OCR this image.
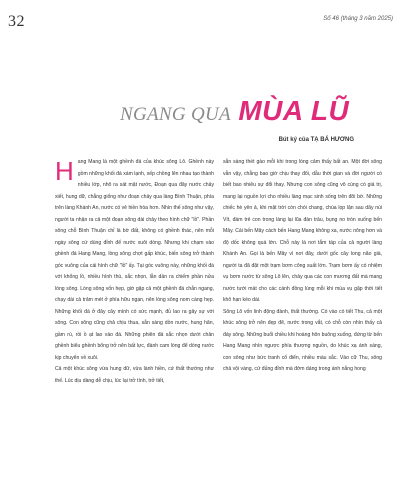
32	Số 46 (tháng 3 năm 2025)
NGANG QUA MÙA LŨ
Bút ký của TẠ BÁ HƯƠNG

Hang Mang là một ghềnh đá của khúc sông Lô. Ghềnh này gồm những khối đá xám lạnh, xếp chồng lên nhau tạo thành nhiều lớp, nhô ra sát mặt nước, Đoạn qua đây nước chảy xiết, hung dữ, chẳng giống như đoạn chảy qua làng Bình Thuận, phía trên làng Khánh An, nước có vẻ hiền hòa hơn. Nhìn thế sông như vậy, người ta nhận ra cả một đoạn sông dài chảy theo hình chữ "lồ". Phần sông chỗ Bình Thuận chỉ là bờ đất, không có ghềnh thác, nên mỗi ngày sông cứ dùng đỉnh để nước xuôi dòng. Nhưng khi chạm vào ghềnh đá Hang Mang, lòng sông chợt gấp khúc, biến sông trở thành góc vuông của cái hình chữ "lồ" ấy. Tại góc vuông này, những khối đá với khổng lồ, nhiều hình thù, sắc nhọn, lẫn dần ra chiếm phần nửa lòng sông. Lòng sông vốn hẹp, giờ gặp cả một ghềnh đá chắn ngang, chạy dài cả trăm mét ở phía hữu ngạn, nên lòng sông nom càng hẹp. Những khối đá ở đây cây mình có sức mạnh, đủ lao ra gây sự với sông. Con sông cũng chả chịu thua, sẵn sàng dồn nước, hung hãn, gầm rú, rồi ồ ạt lao vào đá. Những phiên đá sắc nhọn dưới chân ghềnh biểu ghềnh bổng trở nên bất lực, đành cam lòng để dòng nước kịp chuyển về xuôi.

Cả một khúc sông vừa hung dữ, vừa lành hiền, cứ thất thường như thế. Lúc dịu dàng dễ chịu, lúc lại trở tính, trở tiết,

sẵn sàng thét gào mỗi khi trong lòng cảm thấy bất an. Một đời sông vẫn vậy, chẳng bao giờ chịu thay đổi, dẫu thời gian và đời người có biết bao nhiêu sự đổi thay. Nhưng con sông cũng vô cùng có giá trị, mang lại nguồn lợi cho nhiều làng mạc sinh sống trên đôi bờ. Những chiếc hè yên ả, khi mặt trời còn chói chang, chúa lọp lặn sau dãy núi Vít, đám trẻ con trong làng lại lũa đàn trâu, bụng no tròn xuống bến Mây. Cái bến Mây cách bến Hang Mang không xa, nước nông hơn và độ dốc không quá lớn. Chỗ này là nơi tắm táp của cả người làng Khánh An. Gọi là bến Mây vì nơi đây, dưới gốc cây long não già, người ta đã đặt một trạm bơm công suất lớn. Trạm bơm ấy có nhiệm vụ bơm nước từ sông Lô lên, chảy qua các con mương đất mà mang nước tưới mát cho các cánh đồng lúng mỗi khi mùa vụ gặp thời tiết khô hạn kéo dài.

Sông Lô vốn linh động đành, thất thường. Có vào có tiết Thu, cả một khúc sông trở nên đẹp đẽ, nước trong vắt, có chỗ còn nhìn thấy cả đáy sông. Những buổi chiều khi hoàng hôn buông xuống, đứng từ bến Hang Mang nhìn ngược phía thượng nguồn, do khúc xạ ánh sáng, con sông như bức tranh cổ điển, nhiều màu sắc. Vào cữ Thu, sông chả vội vàng, cứ đủng đỉnh mà đớm dáng trong ánh nắng hong
